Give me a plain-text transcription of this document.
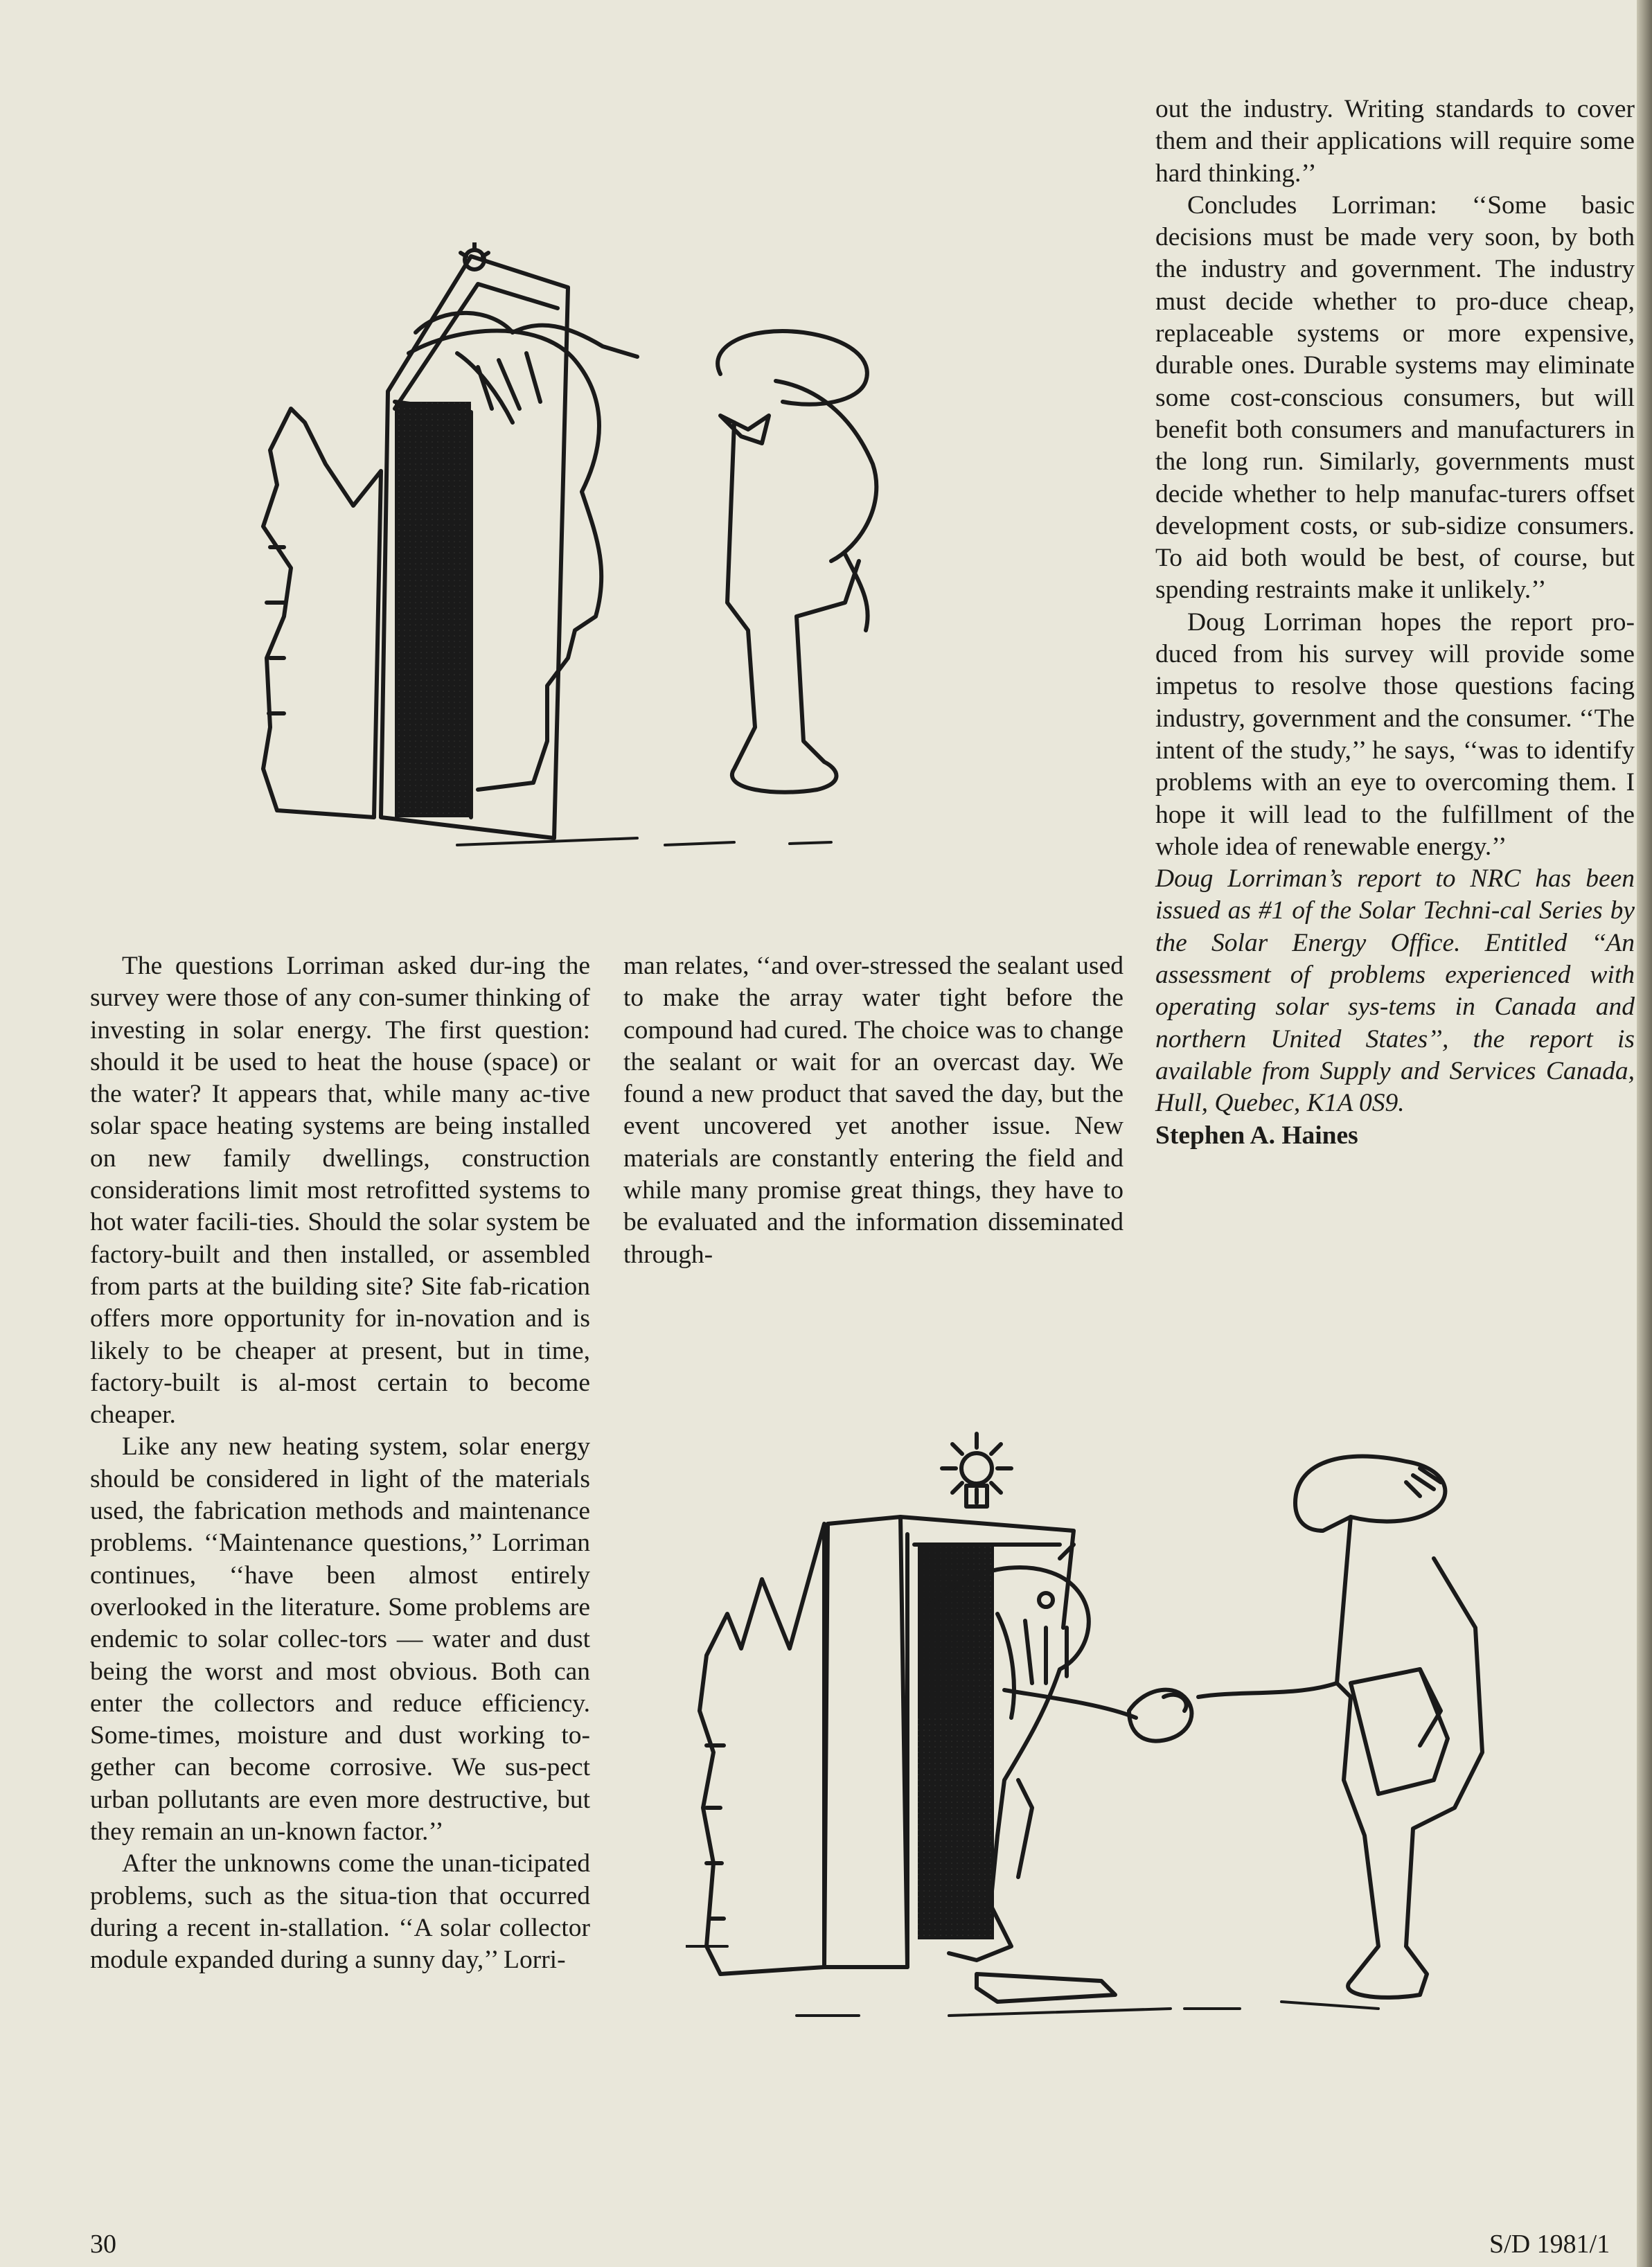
The questions Lorriman asked dur-ing the survey were those of any con-sumer thinking of investing in solar energy. The first question: should it be used to heat the house (space) or the water? It appears that, while many ac-tive solar space heating systems are being installed on new family dwellings, construction considerations limit most retrofitted systems to hot water facili-ties. Should the solar system be factory-built and then installed, or assembled from parts at the building site? Site fab-rication offers more opportunity for in-novation and is likely to be cheaper at present, but in time, factory-built is al-most certain to become cheaper.

Like any new heating system, solar energy should be considered in light of the materials used, the fabrication methods and maintenance problems. ‘‘Maintenance questions,’’ Lorriman continues, ‘‘have been almost entirely overlooked in the literature. Some problems are endemic to solar collec-tors — water and dust being the worst and most obvious. Both can enter the collectors and reduce efficiency. Some-times, moisture and dust working to-gether can become corrosive. We sus-pect urban pollutants are even more destructive, but they remain an un-known factor.’’

After the unknowns come the unan-ticipated problems, such as the situa-tion that occurred during a recent in-stallation. ‘‘A solar collector module expanded during a sunny day,’’ Lorri-

man relates, ‘‘and over-stressed the sealant used to make the array water tight before the compound had cured. The choice was to change the sealant or wait for an overcast day. We found a new product that saved the day, but the event uncovered yet another issue. New materials are constantly entering the field and while many promise great things, they have to be evaluated and the information disseminated through-

out the industry. Writing standards to cover them and their applications will require some hard thinking.’’

Concludes Lorriman: ‘‘Some basic decisions must be made very soon, by both the industry and government. The industry must decide whether to pro-duce cheap, replaceable systems or more expensive, durable ones. Durable systems may eliminate some cost-conscious consumers, but will benefit both consumers and manufacturers in the long run. Similarly, governments must decide whether to help manufac-turers offset development costs, or sub-sidize consumers. To aid both would be best, of course, but spending restraints make it unlikely.’’

Doug Lorriman hopes the report pro-duced from his survey will provide some impetus to resolve those questions facing industry, government and the consumer. ‘‘The intent of the study,’’ he says, ‘‘was to identify problems with an eye to overcoming them. I hope it will lead to the fulfillment of the whole idea of renewable energy.’’

Doug Lorriman’s report to NRC has been issued as #1 of the Solar Techni-cal Series by the Solar Energy Office. Entitled ‘‘An assessment of problems experienced with operating solar sys-tems in Canada and northern United States’’, the report is available from Supply and Services Canada, Hull, Quebec, K1A 0S9.

Stephen A. Haines

30	S/D 1981/1
